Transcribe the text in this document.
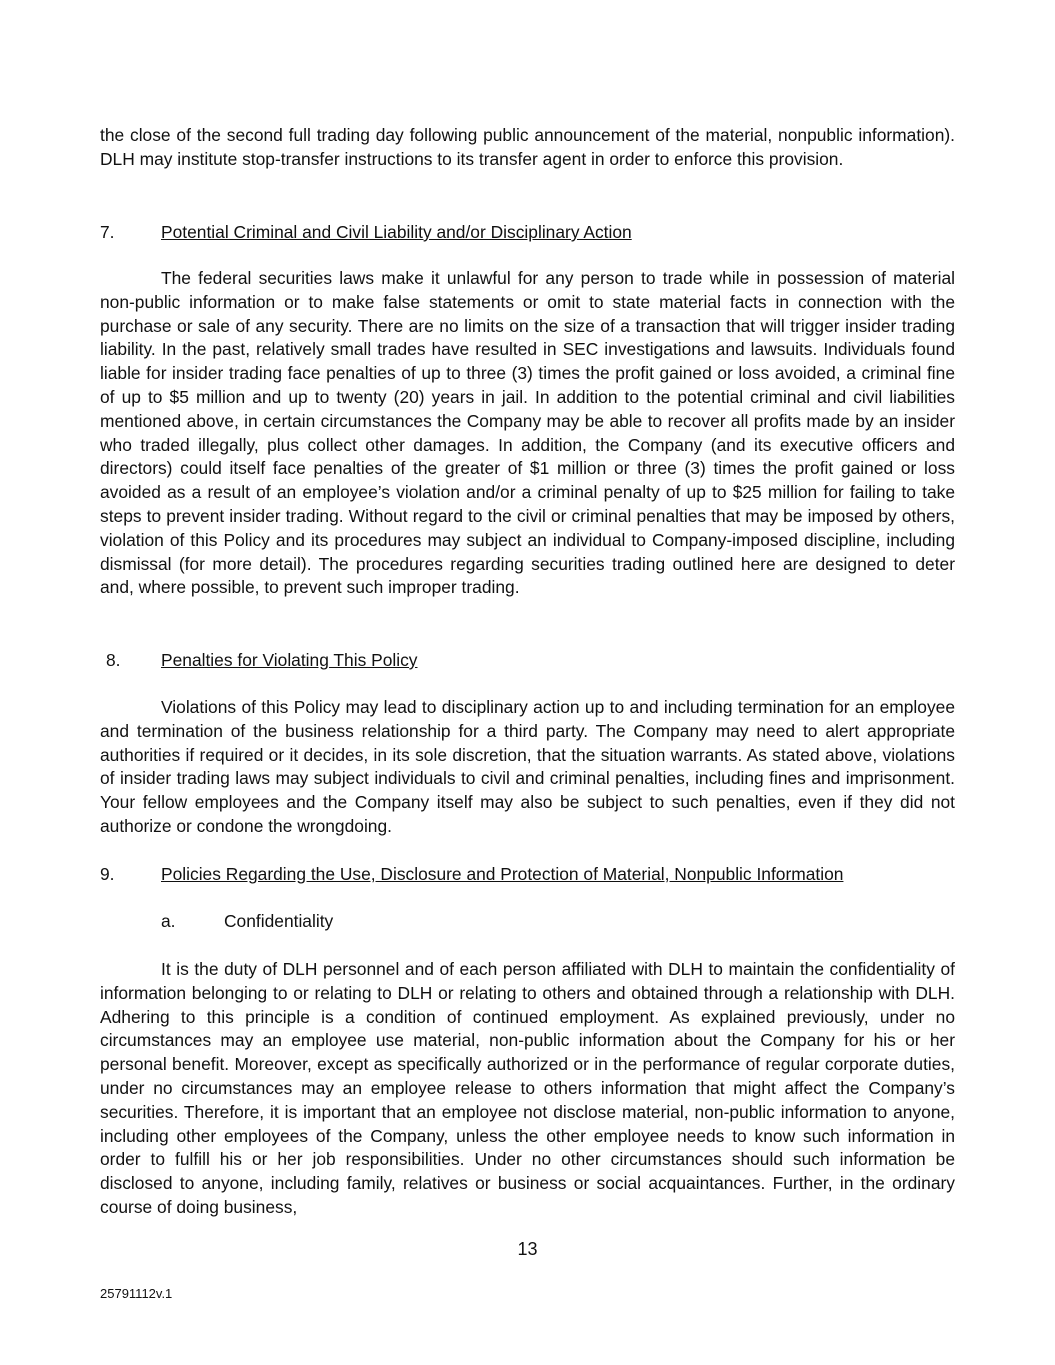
the close of the second full trading day following public announcement of the material, nonpublic information). DLH may institute stop-transfer instructions to its transfer agent in order to enforce this provision.

7.	Potential Criminal and Civil Liability and/or Disciplinary Action

The federal securities laws make it unlawful for any person to trade while in possession of material non-public information or to make false statements or omit to state material facts in connection with the purchase or sale of any security. There are no limits on the size of a transaction that will trigger insider trading liability. In the past, relatively small trades have resulted in SEC investigations and lawsuits. Individuals found liable for insider trading face penalties of up to three (3) times the profit gained or loss avoided, a criminal fine of up to $5 million and up to twenty (20) years in jail. In addition to the potential criminal and civil liabilities mentioned above, in certain circumstances the Company may be able to recover all profits made by an insider who traded illegally, plus collect other damages. In addition, the Company (and its executive officers and directors) could itself face penalties of the greater of $1 million or three (3) times the profit gained or loss avoided as a result of an employee’s violation and/or a criminal penalty of up to $25 million for failing to take steps to prevent insider trading. Without regard to the civil or criminal penalties that may be imposed by others, violation of this Policy and its procedures may subject an individual to Company-imposed discipline, including dismissal (for more detail). The procedures regarding securities trading outlined here are designed to deter and, where possible, to prevent such improper trading.

8. Penalties for Violating This Policy

Violations of this Policy may lead to disciplinary action up to and including termination for an employee and termination of the business relationship for a third party. The Company may need to alert appropriate authorities if required or it decides, in its sole discretion, that the situation warrants. As stated above, violations of insider trading laws may subject individuals to civil and criminal penalties, including fines and imprisonment. Your fellow employees and the Company itself may also be subject to such penalties, even if they did not authorize or condone the wrongdoing.

9.	Policies Regarding the Use, Disclosure and Protection of Material, Nonpublic Information
a.	Confidentiality

It is the duty of DLH personnel and of each person affiliated with DLH to maintain the confidentiality of information belonging to or relating to DLH or relating to others and obtained through a relationship with DLH. Adhering to this principle is a condition of continued employment. As explained previously, under no circumstances may an employee use material, non-public information about the Company for his or her personal benefit. Moreover, except as specifically authorized or in the performance of regular corporate duties, under no circumstances may an employee release to others information that might affect the Company’s securities. Therefore, it is important that an employee not disclose material, non-public information to anyone, including other employees of the Company, unless the other employee needs to know such information in order to fulfill his or her job responsibilities. Under no other circumstances should such information be disclosed to anyone, including family, relatives or business or social acquaintances. Further, in the ordinary course of doing business,

13
25791112v.1
